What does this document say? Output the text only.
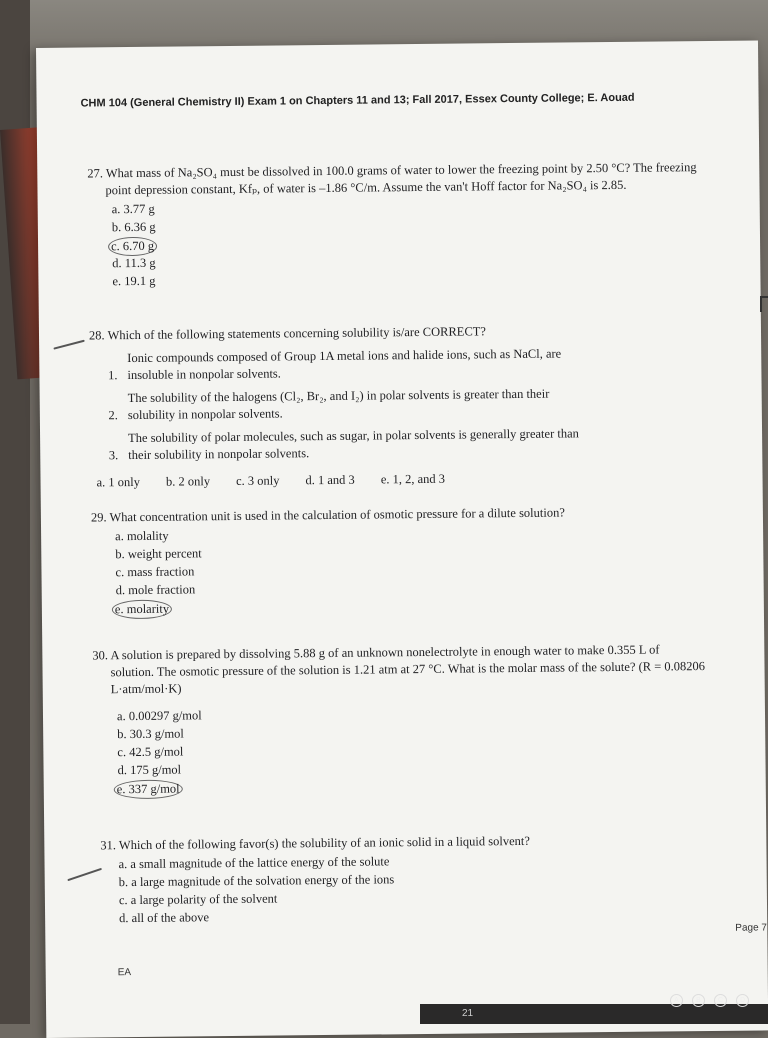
CHM 104 (General Chemistry II) Exam 1 on Chapters 11 and 13; Fall 2017, Essex County College; E. Aouad
27. What mass of Na₂SO₄ must be dissolved in 100.0 grams of water to lower the freezing point by 2.50 °C? The freezing
point depression constant, Kfₚ, of water is –1.86 °C/m. Assume the van't Hoff factor for Na₂SO₄ is 2.85.
a. 3.77 g
b. 6.36 g
c. 6.70 g
d. 11.3 g
e. 19.1 g
28. Which of the following statements concerning solubility is/are CORRECT?
1.
Ionic compounds composed of Group 1A metal ions and halide ions, such as NaCl, are insoluble in nonpolar solvents.
2.
The solubility of the halogens (Cl₂, Br₂, and I₂) in polar solvents is greater than their solubility in nonpolar solvents.
3.
The solubility of polar molecules, such as sugar, in polar solvents is generally greater than their solubility in nonpolar solvents.
a. 1 only b. 2 only c. 3 only d. 1 and 3 e. 1, 2, and 3
29. What concentration unit is used in the calculation of osmotic pressure for a dilute solution?
a. molality
b. weight percent
c. mass fraction
d. mole fraction
e. molarity
30. A solution is prepared by dissolving 5.88 g of an unknown nonelectrolyte in enough water to make 0.355 L of
solution. The osmotic pressure of the solution is 1.21 atm at 27 °C. What is the molar mass of the solute? (R = 0.08206
L·atm/mol·K)
a. 0.00297 g/mol
b. 30.3 g/mol
c. 42.5 g/mol
d. 175 g/mol
e. 337 g/mol
31. Which of the following favor(s) the solubility of an ionic solid in a liquid solvent?
a. a small magnitude of the lattice energy of the solute
b. a large magnitude of the solvation energy of the ions
c. a large polarity of the solvent
d. all of the above
Page 7
EA
21
A	B	C	D
